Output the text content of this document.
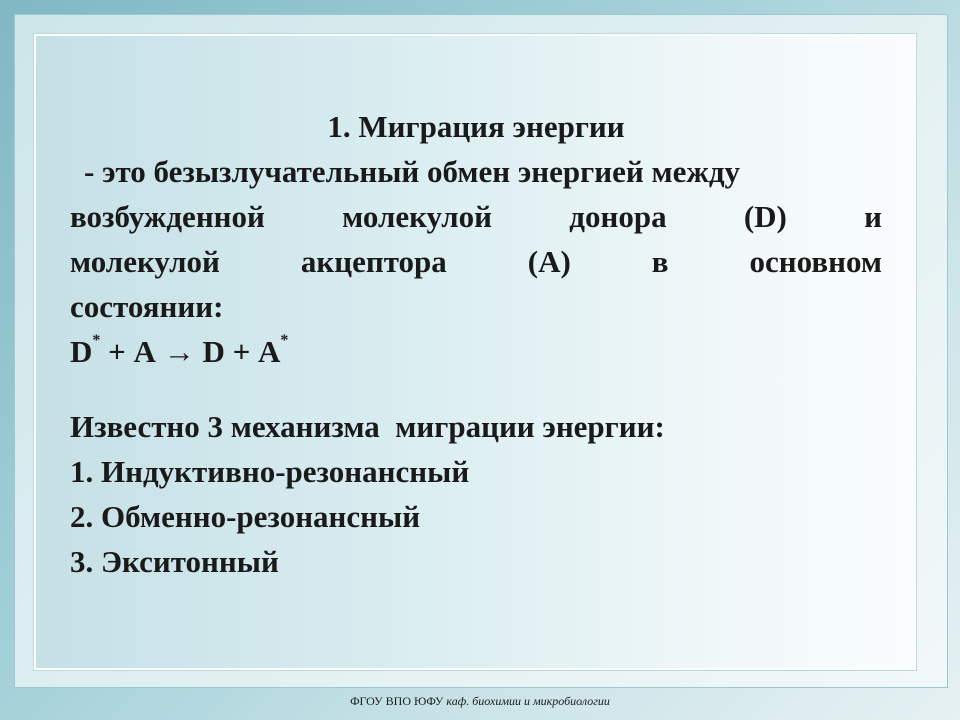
1. Миграция энергии
- это безызлучательный обмен энергией между
возбужденной молекулой донора (D) и
молекулой акцептора (А) в основном
состоянии:
D* + А → D + А*
Известно 3 механизма  миграции энергии:
1. Индуктивно-резонансный
2. Обменно-резонансный
3. Экситонный
ФГОУ ВПО ЮФУ каф. биохимии и микробиологии
